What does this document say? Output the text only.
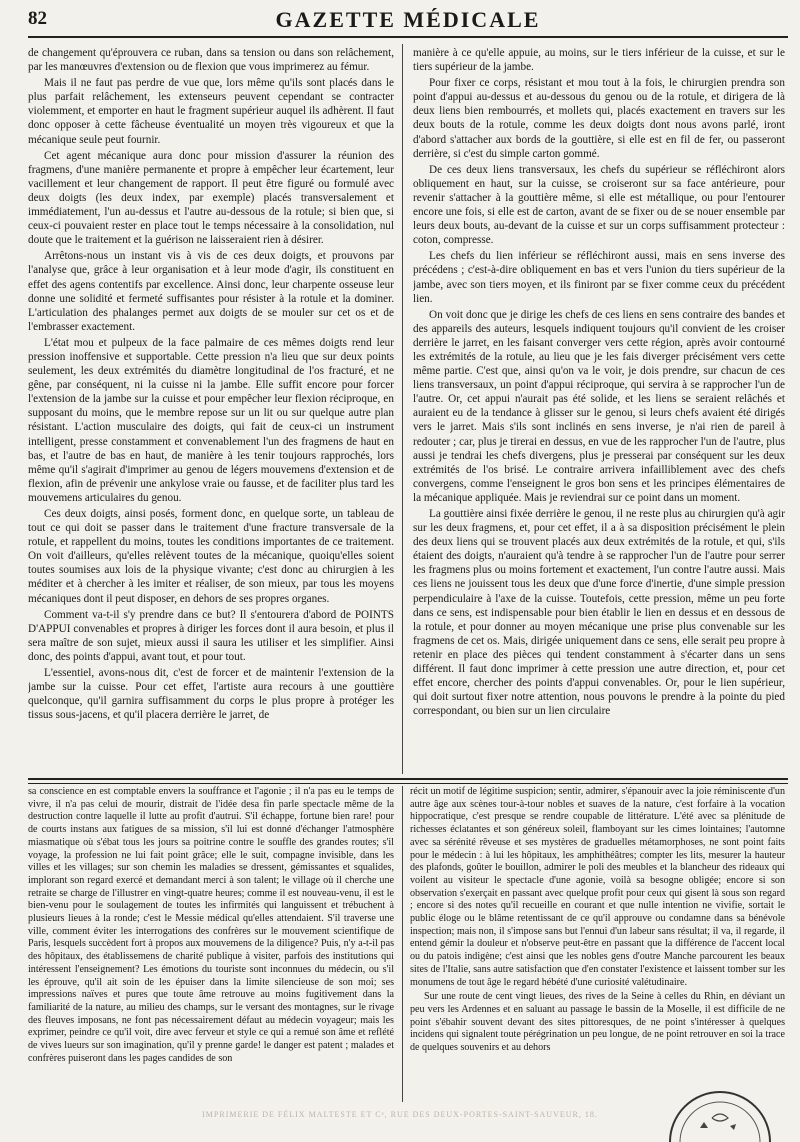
82	GAZETTE MÉDICALE

de changement qu'éprouvera ce ruban, dans sa tension ou dans son relâchement, par les manœuvres d'extension ou de flexion que vous imprimerez au fémur.

Mais il ne faut pas perdre de vue que, lors même qu'ils sont placés dans le plus parfait relâchement, les extenseurs peuvent cependant se contracter violemment, et emporter en haut le fragment supérieur auquel ils adhèrent. Il faut donc opposer à cette fâcheuse éventualité un moyen très vigoureux et que la mécanique seule peut fournir.

Cet agent mécanique aura donc pour mission d'assurer la réunion des fragmens, d'une manière permanente et propre à empêcher leur écartement, leur vacillement et leur changement de rapport. Il peut être figuré ou formulé avec deux doigts (les deux index, par exemple) placés transversalement et immédiatement, l'un au-dessus et l'autre au-dessous de la rotule; si bien que, si ceux-ci pouvaient rester en place tout le temps nécessaire à la consolidation, nul doute que le traitement et la guérison ne laisseraient rien à désirer.

Arrêtons-nous un instant vis à vis de ces deux doigts, et prouvons par l'analyse que, grâce à leur organisation et à leur mode d'agir, ils constituent en effet des agens contentifs par excellence. Ainsi donc, leur charpente osseuse leur donne une solidité et fermeté suffisantes pour résister à la rotule et la dominer. L'articulation des phalanges permet aux doigts de se mouler sur cet os et de l'embrasser exactement.

L'état mou et pulpeux de la face palmaire de ces mêmes doigts rend leur pression inoffensive et supportable. Cette pression n'a lieu que sur deux points seulement, les deux extrémités du diamètre longitudinal de l'os fracturé, et ne gêne, par conséquent, ni la cuisse ni la jambe. Elle suffit encore pour forcer l'extension de la jambe sur la cuisse et pour empêcher leur flexion réciproque, en supposant du moins, que le membre repose sur un lit ou sur quelque autre plan résistant. L'action musculaire des doigts, qui fait de ceux-ci un instrument intelligent, presse constamment et convenablement l'un des fragmens de haut en bas, et l'autre de bas en haut, de manière à les tenir toujours rapprochés, lors même qu'il s'agirait d'imprimer au genou de légers mouvemens d'extension et de flexion, afin de prévenir une ankylose vraie ou fausse, et de faciliter plus tard les mouvemens articulaires du genou.

Ces deux doigts, ainsi posés, forment donc, en quelque sorte, un tableau de tout ce qui doit se passer dans le traitement d'une fracture transversale de la rotule, et rappellent du moins, toutes les conditions importantes de ce traitement. On voit d'ailleurs, qu'elles relèvent toutes de la mécanique, quoiqu'elles soient toutes soumises aux lois de la physique vivante; c'est donc au chirurgien à les méditer et à chercher à les imiter et réaliser, de son mieux, par tous les moyens mécaniques dont il peut disposer, en dehors de ses propres organes.

Comment va-t-il s'y prendre dans ce but? Il s'entourera d'abord de POINTS D'APPUI convenables et propres à diriger les forces dont il aura besoin, et plus il sera maître de son sujet, mieux aussi il saura les utiliser et les simplifier. Ainsi donc, des points d'appui, avant tout, et pour tout.

L'essentiel, avons-nous dit, c'est de forcer et de maintenir l'extension de la jambe sur la cuisse. Pour cet effet, l'artiste aura recours à une gouttière quelconque, qu'il garnira suffisamment du corps le plus propre à protéger les tissus sous-jacens, et qu'il placera derrière le jarret, de

manière à ce qu'elle appuie, au moins, sur le tiers inférieur de la cuisse, et sur le tiers supérieur de la jambe.

Pour fixer ce corps, résistant et mou tout à la fois, le chirurgien prendra son point d'appui au-dessus et au-dessous du genou ou de la rotule, et dirigera de là deux liens bien rembourrés, et mollets qui, placés exactement en travers sur les deux bouts de la rotule, comme les deux doigts dont nous avons parlé, iront d'abord s'attacher aux bords de la gouttière, si elle est en fil de fer, ou passeront derrière, si c'est du simple carton gommé.

De ces deux liens transversaux, les chefs du supérieur se réfléchiront alors obliquement en haut, sur la cuisse, se croiseront sur sa face antérieure, pour revenir s'attacher à la gouttière même, si elle est métallique, ou pour l'entourer encore une fois, si elle est de carton, avant de se fixer ou de se nouer ensemble par leurs deux bouts, au-devant de la cuisse et sur un corps suffisamment protecteur : coton, compresse.

Les chefs du lien inférieur se réfléchiront aussi, mais en sens inverse des précédens ; c'est-à-dire obliquement en bas et vers l'union du tiers supérieur de la jambe, avec son tiers moyen, et ils finiront par se fixer comme ceux du précédent lien.

On voit donc que je dirige les chefs de ces liens en sens contraire des bandes et des appareils des auteurs, lesquels indiquent toujours qu'il convient de les croiser derrière le jarret, en les faisant converger vers cette région, après avoir contourné les extrémités de la rotule, au lieu que je les fais diverger précisément vers cette même partie. C'est que, ainsi qu'on va le voir, je dois prendre, sur chacun de ces liens transversaux, un point d'appui réciproque, qui servira à se rapprocher l'un de l'autre. Or, cet appui n'aurait pas été solide, et les liens se seraient relâchés et auraient eu de la tendance à glisser sur le genou, si leurs chefs avaient été dirigés vers le jarret. Mais s'ils sont inclinés en sens inverse, je n'ai rien de pareil à redouter ; car, plus je tirerai en dessus, en vue de les rapprocher l'un de l'autre, plus aussi je tendrai les chefs divergens, plus je presserai par conséquent sur les deux extrémités de l'os brisé. Le contraire arrivera infailliblement avec des chefs convergens, comme l'enseignent le gros bon sens et les principes élémentaires de la mécanique appliquée. Mais je reviendrai sur ce point dans un moment.

La gouttière ainsi fixée derrière le genou, il ne reste plus au chirurgien qu'à agir sur les deux fragmens, et, pour cet effet, il a à sa disposition précisément le plein des deux liens qui se trouvent placés aux deux extrémités de la rotule, et qui, s'ils étaient des doigts, n'auraient qu'à tendre à se rapprocher l'un de l'autre pour serrer les fragmens plus ou moins fortement et exactement, l'un contre l'autre aussi. Mais ces liens ne jouissent tous les deux que d'une force d'inertie, d'une simple pression perpendiculaire à l'axe de la cuisse. Toutefois, cette pression, même un peu forte dans ce sens, est indispensable pour bien établir le lien en dessus et en dessous de la rotule, et pour donner au moyen mécanique une prise plus convenable sur les fragmens de cet os. Mais, dirigée uniquement dans ce sens, elle serait peu propre à retenir en place des pièces qui tendent constamment à s'écarter dans un sens différent. Il faut donc imprimer à cette pression une autre direction, et, pour cet effet encore, chercher des points d'appui convenables. Or, pour le lien supérieur, qui doit surtout fixer notre attention, nous pouvons le prendre à la pointe du pied correspondant, ou bien sur un lien circulaire

sa conscience en est comptable envers la souffrance et l'agonie ; il n'a pas eu le temps de vivre, il n'a pas celui de mourir, distrait de l'idée desa fin parle spectacle même de la destruction contre laquelle il lutte au profit d'autrui. S'il échappe, fortune bien rare! pour de courts instans aux fatigues de sa mission, s'il lui est donné d'échanger l'atmosphère miasmatique où s'ébat tous les jours sa poitrine contre le souffle des grandes routes; s'il voyage, la profession ne lui fait point grâce; elle le suit, compagne invisible, dans les villes et les villages; sur son chemin les maladies se dressent, gémissantes et squalides, implorant son regard exercé et demandant merci à son talent; le village où il cherche une retraite se charge de l'illustrer en vingt-quatre heures; comme il est nouveau-venu, il est le bien-venu pour le soulagement de toutes les infirmités qui languissent et trébuchent à plusieurs lieues à la ronde; c'est le Messie médical qu'elles attendaient. S'il traverse une ville, comment éviter les interrogations des confrères sur le mouvement scientifique de Paris, lesquels succèdent fort à propos aux mouvemens de la diligence? Puis, n'y a-t-il pas des hôpitaux, des établissemens de charité publique à visiter, parfois des institutions qui intéressent l'enseignement? Les émotions du touriste sont inconnues du médecin, ou s'il les éprouve, qu'il ait soin de les épuiser dans la limite silencieuse de son moi; ses impressions naïves et pures que toute âme retrouve au moins fugitivement dans la familiarité de la nature, au milieu des champs, sur le versant des montagnes, sur le rivage des fleuves imposans, ne font pas nécessairement défaut au médecin voyageur; mais les exprimer, peindre ce qu'il voit, dire avec ferveur et style ce qui a remué son âme et reflété de vives lueurs sur son imagination, qu'il y prenne garde! le danger est patent ; malades et confrères puiseront dans les pages candides de son

récit un motif de légitime suspicion; sentir, admirer, s'épanouir avec la joie réminiscente d'un autre âge aux scènes tour-à-tour nobles et suaves de la nature, c'est forfaire à la vocation hippocratique, c'est presque se rendre coupable de littérature. L'été avec sa plénitude de richesses éclatantes et son généreux soleil, flamboyant sur les cimes lointaines; l'automne avec sa sérénité rêveuse et ses mystères de graduelles métamorphoses, ne sont point faits pour le médecin : à lui les hôpitaux, les amphithéâtres; compter les lits, mesurer la hauteur des plafonds, goûter le bouillon, admirer le poli des meubles et la blancheur des rideaux qui voilent au visiteur le spectacle d'une agonie, voilà sa besogne obligée; encore si son observation s'exerçait en passant avec quelque profit pour ceux qui gisent là sous son regard ; encore si des notes qu'il recueille en courant et que nulle intention ne vivifie, sortait le public éloge ou le blâme retentissant de ce qu'il approuve ou condamne dans sa bénévole inspection; mais non, il s'impose sans but l'ennui d'un labeur sans résultat; il va, il regarde, il entend gémir la douleur et n'observe peut-être en passant que la différence de l'accent local ou du patois indigène; c'est ainsi que les nobles gens d'outre Manche parcourent les beaux sites de l'Italie, sans autre satisfaction que d'en constater l'existence et laissent tomber sur les monumens de tout âge le regard hébété d'une curiosité valétudinaire.

Sur une route de cent vingt lieues, des rives de la Seine à celles du Rhin, en déviant un peu vers les Ardennes et en saluant au passage le bassin de la Moselle, il est difficile de ne point s'ébahir souvent devant des sites pittoresques, de ne point s'intéresser à quelques incidens qui signalent toute pérégrination un peu longue, de ne point retrouver en soi la trace de quelques souvenirs et au dehors

IMPRIMERIE DE FÉLIX MALTESTE ET Cᵉ, RUE DES DEUX-PORTES-SAINT-SAUVEUR, 18.
